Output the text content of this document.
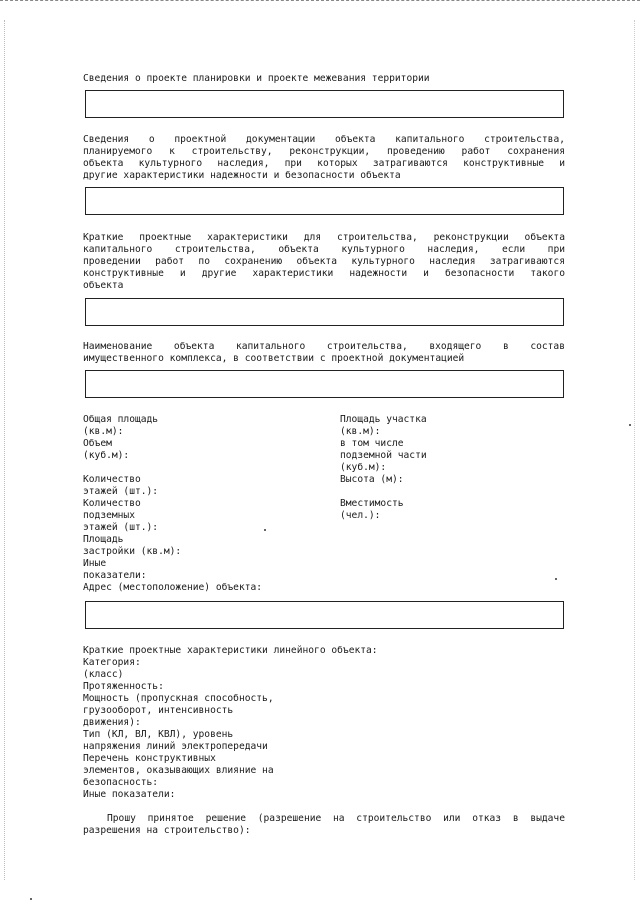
Сведения о проекте планировки и проекте межевания территории

Сведения о проектной документации объекта капитального строительства,
планируемого к строительству, реконструкции, проведению работ сохранения
объекта культурного наследия, при которых затрагиваются конструктивные и
другие характеристики надежности и безопасности объекта
Краткие проектные характеристики для строительства, реконструкции объекта
капитального строительства, объекта культурного наследия, если при
проведении работ по сохранению объекта культурного наследия затрагиваются
конструктивные и другие характеристики надежности и безопасности такого
объекта
Наименование объекта капитального строительства, входящего в состав
имущественного комплекса, в соответствии с проектной документацией
Общая площадь
(кв.м):
Объем
(куб.м):

Количество
этажей (шт.):
Количество
подземных
этажей (шт.):
Площадь
застройки (кв.м):
Иные
показатели:
Адрес (местоположение) объекта:
Площадь участка
(кв.м):
в том числе
подземной части
(куб.м):
Высота (м):

Вместимость
(чел.):
Краткие проектные характеристики линейного объекта:
Категория:
(класс)
Протяженность:
Мощность (пропускная способность,
грузооборот, интенсивность
движения):
Тип (КЛ, ВЛ, КВЛ), уровень
напряжения линий электропередачи
Перечень конструктивных
элементов, оказывающих влияние на
безопасность:
Иные показатели:
Прошу принятое решение (разрешение на строительство или отказ в выдаче
разрешения на строительство):
